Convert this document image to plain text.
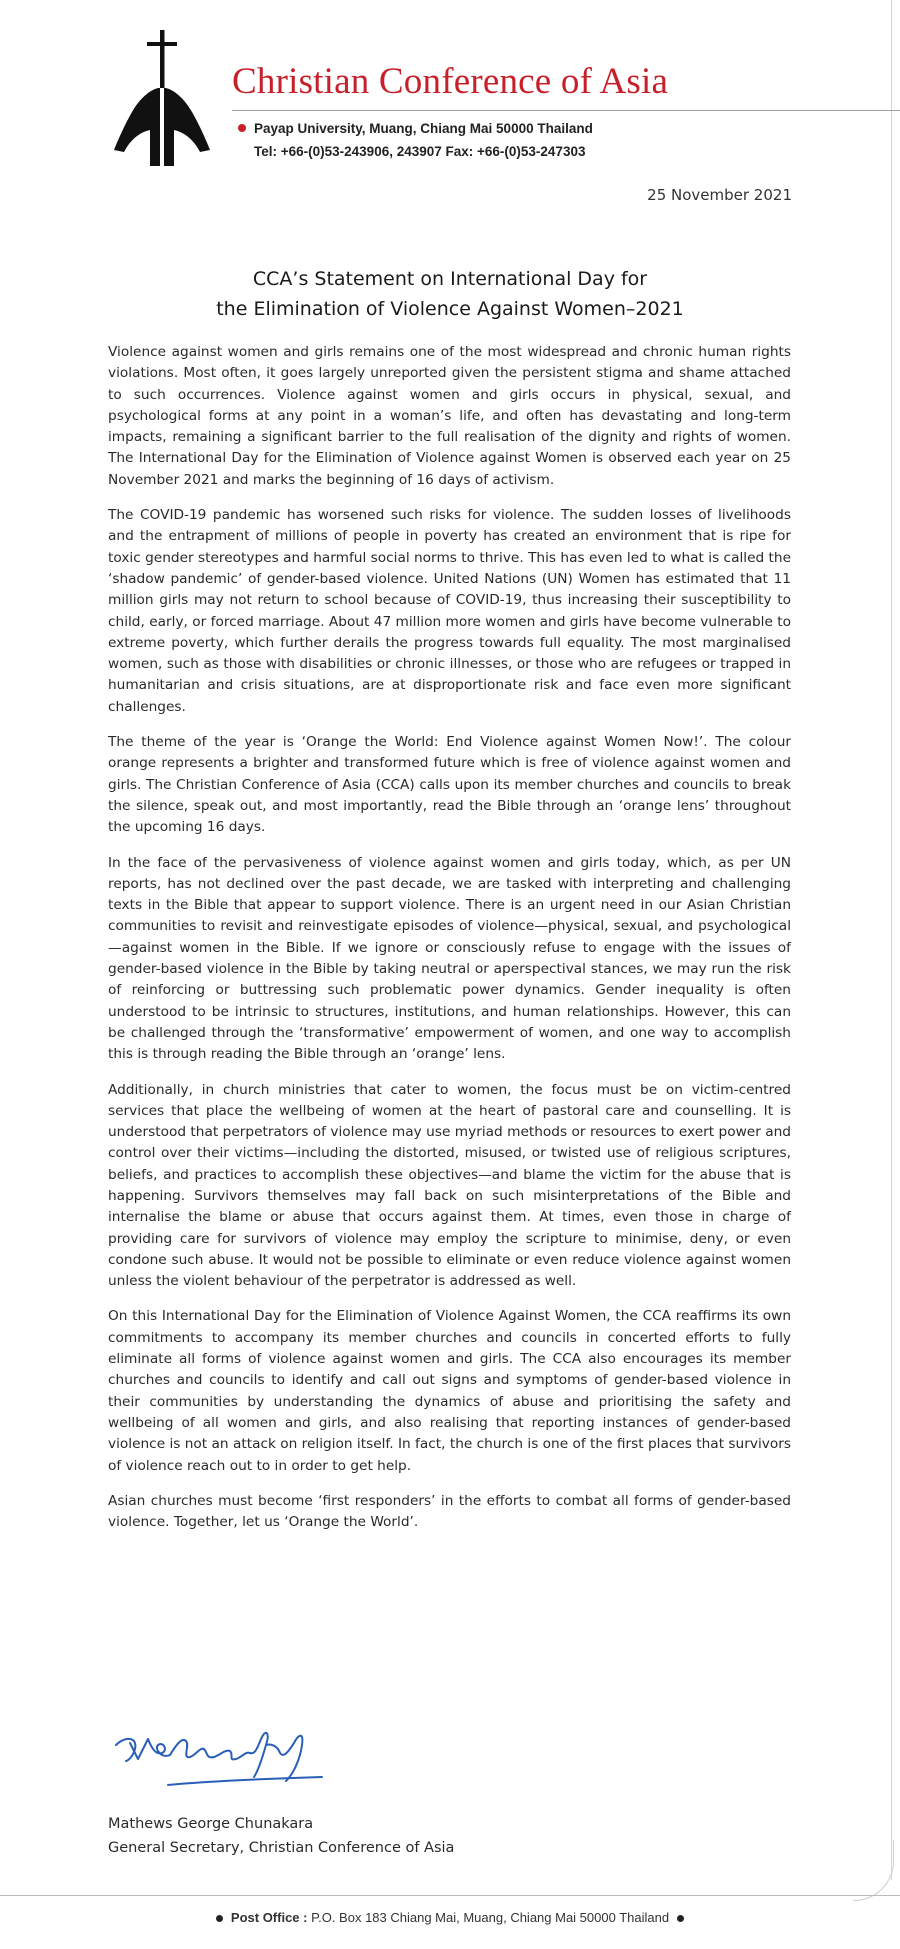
Christian Conference of Asia
Payap University, Muang, Chiang Mai 50000 Thailand
Tel: +66-(0)53-243906, 243907 Fax: +66-(0)53-247303
25 November 2021
CCA’s Statement on International Day for
the Elimination of Violence Against Women–2021

Violence against women and girls remains one of the most widespread and chronic human rights violations. Most often, it goes largely unreported given the persistent stigma and shame attached to such occurrences. Violence against women and girls occurs in physical, sexual, and psychological forms at any point in a woman’s life, and often has devastating and long-term impacts, remaining a significant barrier to the full realisation of the dignity and rights of women. The International Day for the Elimination of Violence against Women is observed each year on 25 November 2021 and marks the beginning of 16 days of activism.

The COVID-19 pandemic has worsened such risks for violence. The sudden losses of livelihoods and the entrapment of millions of people in poverty has created an environment that is ripe for toxic gender stereotypes and harmful social norms to thrive. This has even led to what is called the ‘shadow pandemic’ of gender-based violence. United Nations (UN) Women has estimated that 11 million girls may not return to school because of COVID-19, thus increasing their susceptibility to child, early, or forced marriage. About 47 million more women and girls have become vulnerable to extreme poverty, which further derails the progress towards full equality. The most marginalised women, such as those with disabilities or chronic illnesses, or those who are refugees or trapped in humanitarian and crisis situations, are at disproportionate risk and face even more significant challenges.

The theme of the year is ‘Orange the World: End Violence against Women Now!’. The colour orange represents a brighter and transformed future which is free of violence against women and girls. The Christian Conference of Asia (CCA) calls upon its member churches and councils to break the silence, speak out, and most importantly, read the Bible through an ‘orange lens’ throughout the upcoming 16 days.

In the face of the pervasiveness of violence against women and girls today, which, as per UN reports, has not declined over the past decade, we are tasked with interpreting and challenging texts in the Bible that appear to support violence. There is an urgent need in our Asian Christian communities to revisit and reinvestigate episodes of violence—physical, sexual, and psychological—against women in the Bible. If we ignore or consciously refuse to engage with the issues of gender-based violence in the Bible by taking neutral or aperspectival stances, we may run the risk of reinforcing or buttressing such problematic power dynamics. Gender inequality is often understood to be intrinsic to structures, institutions, and human relationships. However, this can be challenged through the ‘transformative’ empowerment of women, and one way to accomplish this is through reading the Bible through an ‘orange’ lens.

Additionally, in church ministries that cater to women, the focus must be on victim-centred services that place the wellbeing of women at the heart of pastoral care and counselling. It is understood that perpetrators of violence may use myriad methods or resources to exert power and control over their victims—including the distorted, misused, or twisted use of religious scriptures, beliefs, and practices to accomplish these objectives—and blame the victim for the abuse that is happening. Survivors themselves may fall back on such misinterpretations of the Bible and internalise the blame or abuse that occurs against them. At times, even those in charge of providing care for survivors of violence may employ the scripture to minimise, deny, or even condone such abuse. It would not be possible to eliminate or even reduce violence against women unless the violent behaviour of the perpetrator is addressed as well.

On this International Day for the Elimination of Violence Against Women, the CCA reaffirms its own commitments to accompany its member churches and councils in concerted efforts to fully eliminate all forms of violence against women and girls. The CCA also encourages its member churches and councils to identify and call out signs and symptoms of gender-based violence in their communities by understanding the dynamics of abuse and prioritising the safety and wellbeing of all women and girls, and also realising that reporting instances of gender-based violence is not an attack on religion itself. In fact, the church is one of the first places that survivors of violence reach out to in order to get help.

Asian churches must become ‘first responders’ in the efforts to combat all forms of gender-based violence. Together, let us ‘Orange the World’.

Mathews George Chunakara
General Secretary, Christian Conference of Asia
Post Office : P.O. Box 183 Chiang Mai, Muang, Chiang Mai 50000 Thailand
